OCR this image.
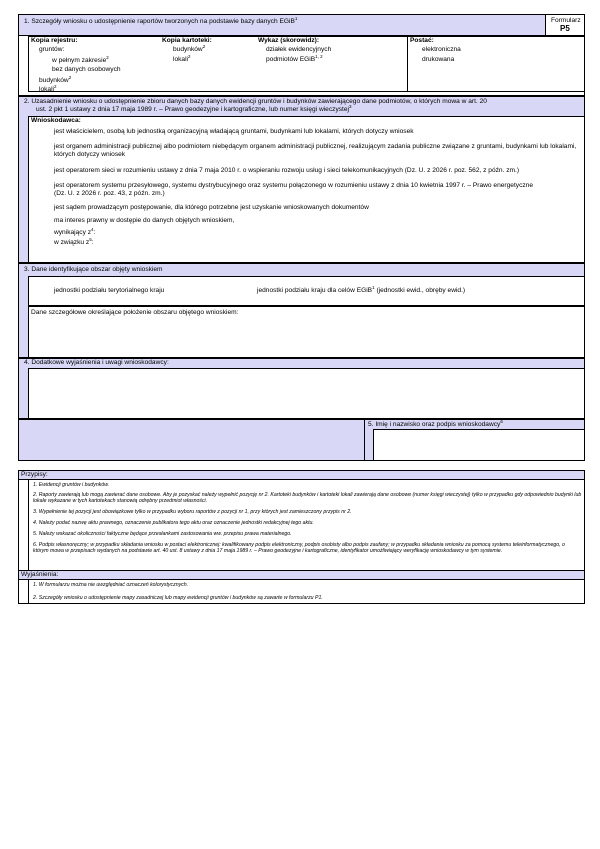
1. Szczegóły wniosku o udostępnienie raportów tworzonych na podstawie bazy danych EGiB$^1$	Formularz
P5
Kopia rejestru:
gruntów:
w pełnym zakresie$^2$
bez danych osobowych
budynków$^2$
lokali$^2$
Kopia kartoteki:
budynków$^2$
lokali$^2$
Wykaz (skorowidz):
działek ewidencyjnych
podmiotów EGiB$^{1, 2}$
Postać:
elektroniczna
drukowana
2. Uzasadnienie wniosku o udostępnienie zbioru danych bazy danych ewidencji gruntów i budynków zawierającego dane podmiotów, o których mowa w art. 20
ust. 2 pkt 1 ustawy z dnia 17 maja 1989 r. – Prawo geodezyjne i kartograficzne, lub numer księgi wieczystej$^3$
Wnioskodawca:
jest właścicielem, osobą lub jednostką organizacyjną władającą gruntami, budynkami lub lokalami, których dotyczy wniosek
jest organem administracji publicznej albo podmiotem niebędącym organem administracji publicznej, realizującym zadania publiczne związane z gruntami, budynkami lub lokalami, których dotyczy wniosek
jest operatorem sieci w rozumieniu ustawy z dnia 7 maja 2010 r. o wspieraniu rozwoju usług i sieci telekomunikacyjnych (Dz. U. z 2026 r. poz. 562, z późn. zm.)
jest operatorem systemu przesyłowego, systemu dystrybucyjnego oraz systemu połączonego w rozumieniu ustawy z dnia 10 kwietnia 1997 r. – Prawo energetyczne
(Dz. U. z 2026 r. poz. 43, z późn. zm.)
jest sądem prowadzącym postępowanie, dla którego potrzebne jest uzyskanie wnioskowanych dokumentów
ma interes prawny w dostępie do danych objętych wnioskiem,
wynikający $z^4$:
w związku $z^5$:
3. Dane identyfikujące obszar objęty wnioskiem
jednostki podziału terytorialnego kraju	jednostki podziału kraju dla celów EGiB$^1$ (jednostki ewid., obręby ewid.)
Dane szczegółowe określające położenie obszaru objętego wnioskiem:
4. Dodatkowe wyjaśnienia i uwagi wnioskodawcy:
5. Imię i nazwisko oraz podpis wnioskodawcy$^6$
Przypisy:
1. Ewidencji gruntów i budynków.
2. Raporty zawierają lub mogą zawierać dane osobowe. Aby je pozyskać należy wypełnić pozycję nr 2. Kartoteki budynków i kartoteki lokali zawierają dane osobowe (numer księgi wieczystej) tylko w przypadku gdy odpowiednio budynki lub lokale wykazane w tych kartotekach stanowią odrębny przedmiot własności.
3. Wypełnienie tej pozycji jest obowiązkowe tylko w przypadku wyboru raportów z pozycji nr 1, przy których jest zamieszczony przypis nr 2.
4. Należy podać nazwę aktu prawnego, oznaczenie publikatora tego aktu oraz oznaczenie jednostki redakcyjnej tego aktu.
5. Należy wskazać okoliczności faktyczne będące przesłankami zastosowania ww. przepisu prawa materialnego.
6. Podpis własnoręczny; w przypadku składania wniosku w postaci elektronicznej: kwalifikowany podpis elektroniczny, podpis osobisty albo podpis zaufany; w przypadku składania wniosku za pomocą systemu teleinformatycznego, o którym mowa w przepisach wydanych na podstawie art. 40 ust. 8 ustawy z dnia 17 maja 1989 r. – Prawo geodezyjne i kartograficzne, identyfikator umożliwiający weryfikację wnioskodawcy w tym systemie.
Wyjaśnienia:
1. W formularzu można nie uwzględniać oznaczeń kolorystycznych.
2. Szczegóły wniosku o udostępnienie mapy zasadniczej lub mapy ewidencji gruntów i budynków są zawarte w formularzu P1.
